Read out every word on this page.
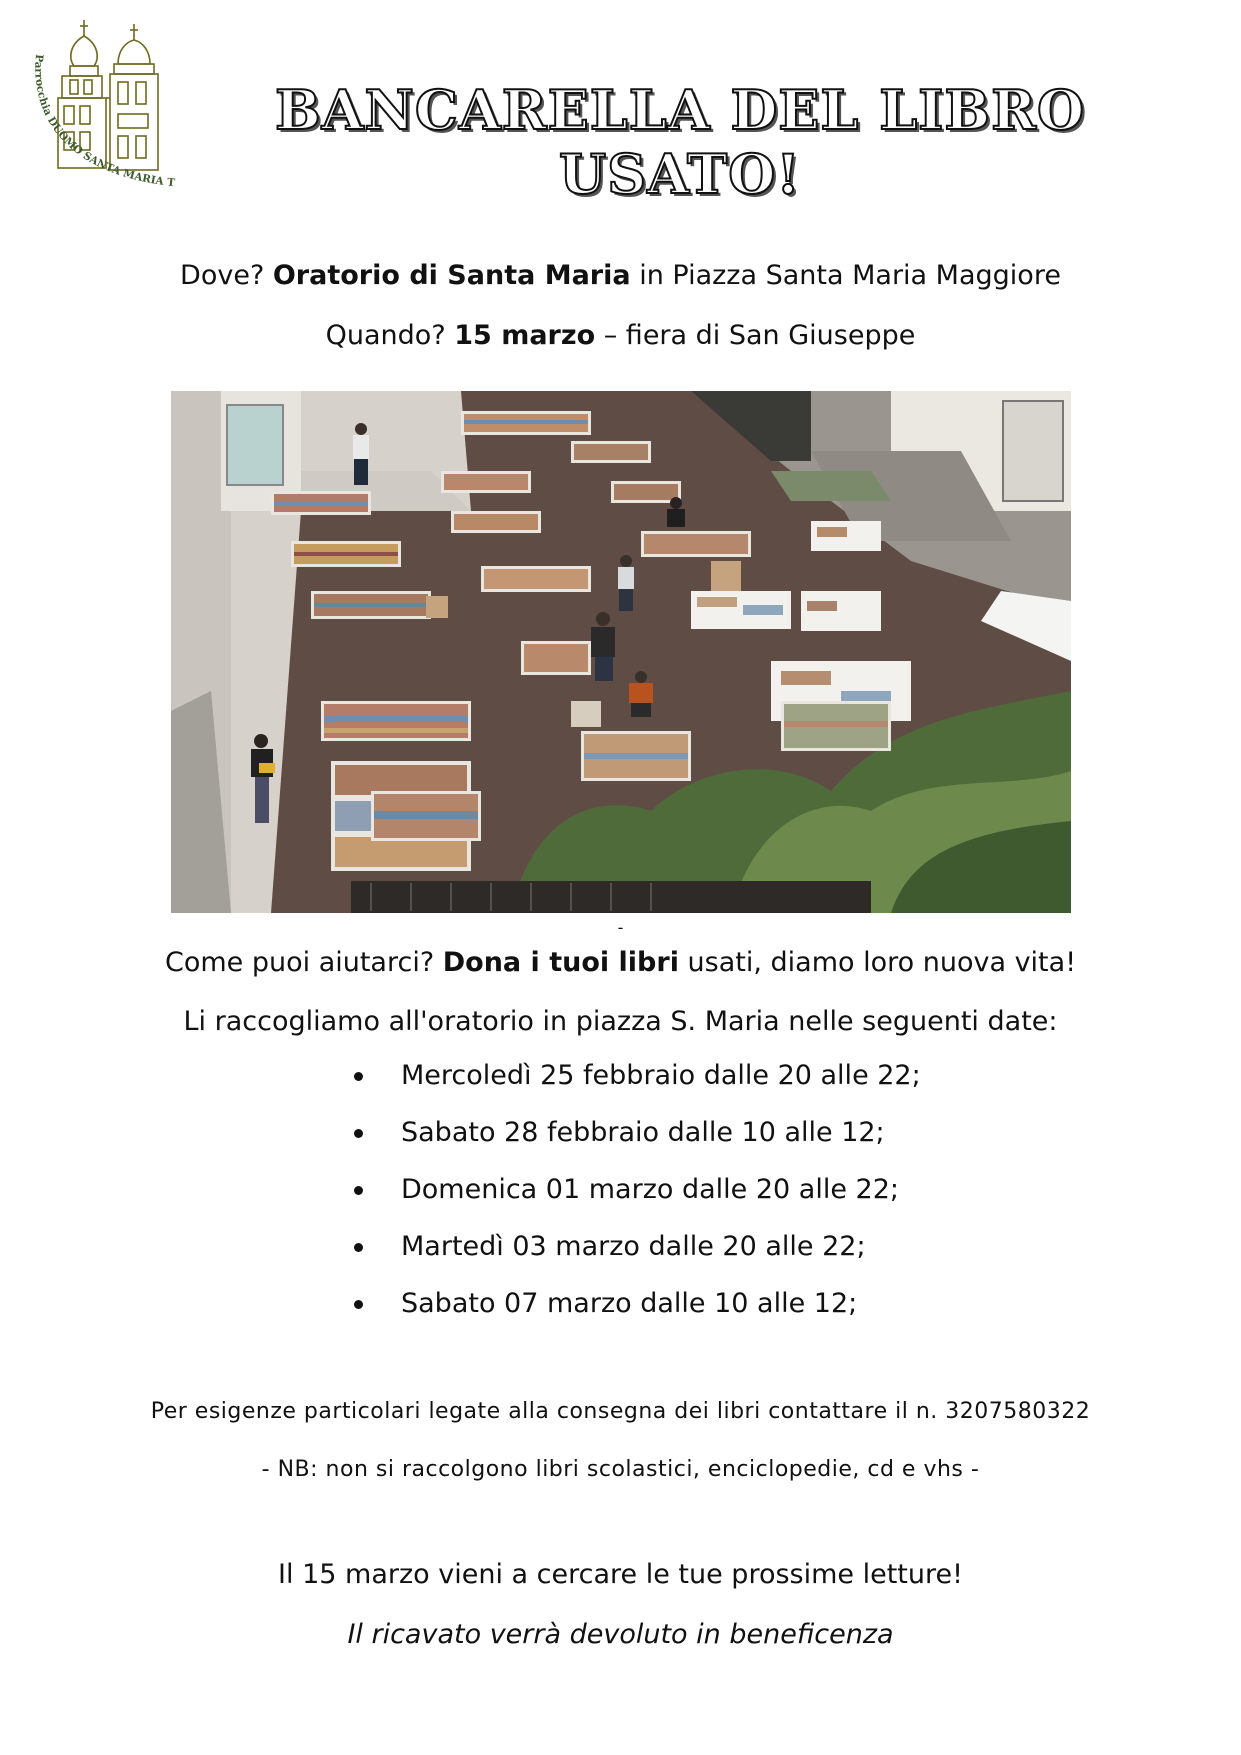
Parrocchia DUOMO SANTA MARIA T
BANCARELLA DEL LIBRO USATO!
Dove? Oratorio di Santa Maria in Piazza Santa Maria Maggiore
Quando? 15 marzo – fiera di San Giuseppe
-
Come puoi aiutarci? Dona i tuoi libri usati, diamo loro nuova vita!
Li raccogliamo all'oratorio in piazza S. Maria nelle seguenti date:
Mercoledì 25 febbraio dalle 20 alle 22;
Sabato 28 febbraio dalle 10 alle 12;
Domenica 01 marzo dalle 20 alle 22;
Martedì 03 marzo dalle 20 alle 22;
Sabato 07 marzo dalle 10 alle 12;
Per esigenze particolari legate alla consegna dei libri contattare il n. 3207580322
- NB: non si raccolgono libri scolastici, enciclopedie, cd e vhs -
Il 15 marzo vieni a cercare le tue prossime letture!
Il ricavato verrà devoluto in beneficenza
